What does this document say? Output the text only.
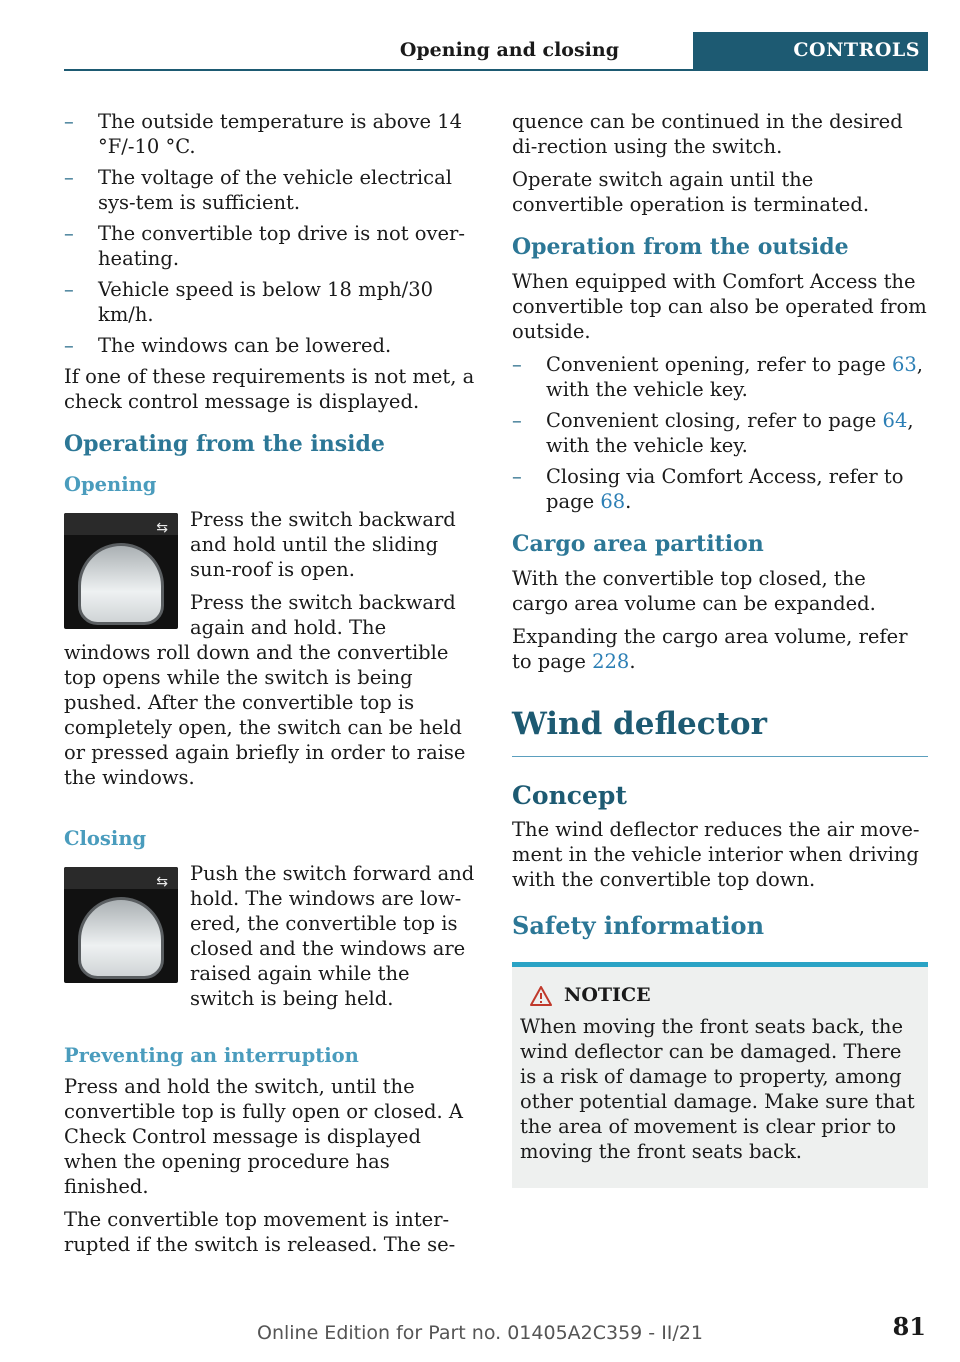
Opening and closing	CONTROLS
– The outside temperature is above 14 °F/-10 °C.
– The voltage of the vehicle electrical sys‐tem is sufficient.
– The convertible top drive is not over‐heating.
– Vehicle speed is below 18 mph/30 km/h.
– The windows can be lowered.

If one of these requirements is not met, a check control message is displayed.

Operating from the inside
Opening
⇆	Press the switch backward and hold until the sliding sun‐roof is open.

Press the switch backward again and hold. The windows roll down and the convertible top opens while the switch is being pushed. After the convertible top is completely open, the switch can be held or pressed again briefly in order to raise the windows.

Closing
⇆	Push the switch forward and hold. The windows are low‐ered, the convertible top is closed and the windows are raised again while the switch is being held.

Preventing an interruption

Press and hold the switch, until the convertible top is fully open or closed. A Check Control message is displayed when the opening procedure has finished.

The convertible top movement is inter‐rupted if the switch is released. The se‐

quence can be continued in the desired di‐rection using the switch.

Operate switch again until the convertible operation is terminated.

Operation from the outside

When equipped with Comfort Access the convertible top can also be operated from outside.

– Convenient opening, refer to page 63, with the vehicle key.
– Convenient closing, refer to page 64, with the vehicle key.
– Closing via Comfort Access, refer to page 68.
Cargo area partition

With the convertible top closed, the cargo area volume can be expanded.

Expanding the cargo area volume, refer to page 228.

Wind deflector
Concept

The wind deflector reduces the air move‐ment in the vehicle interior when driving with the convertible top down.

Safety information
NOTICE

When moving the front seats back, the wind deflector can be damaged. There is a risk of damage to property, among other potential damage. Make sure that the area of movement is clear prior to moving the front seats back.

Online Edition for Part no. 01405A2C359 - II/21	81
